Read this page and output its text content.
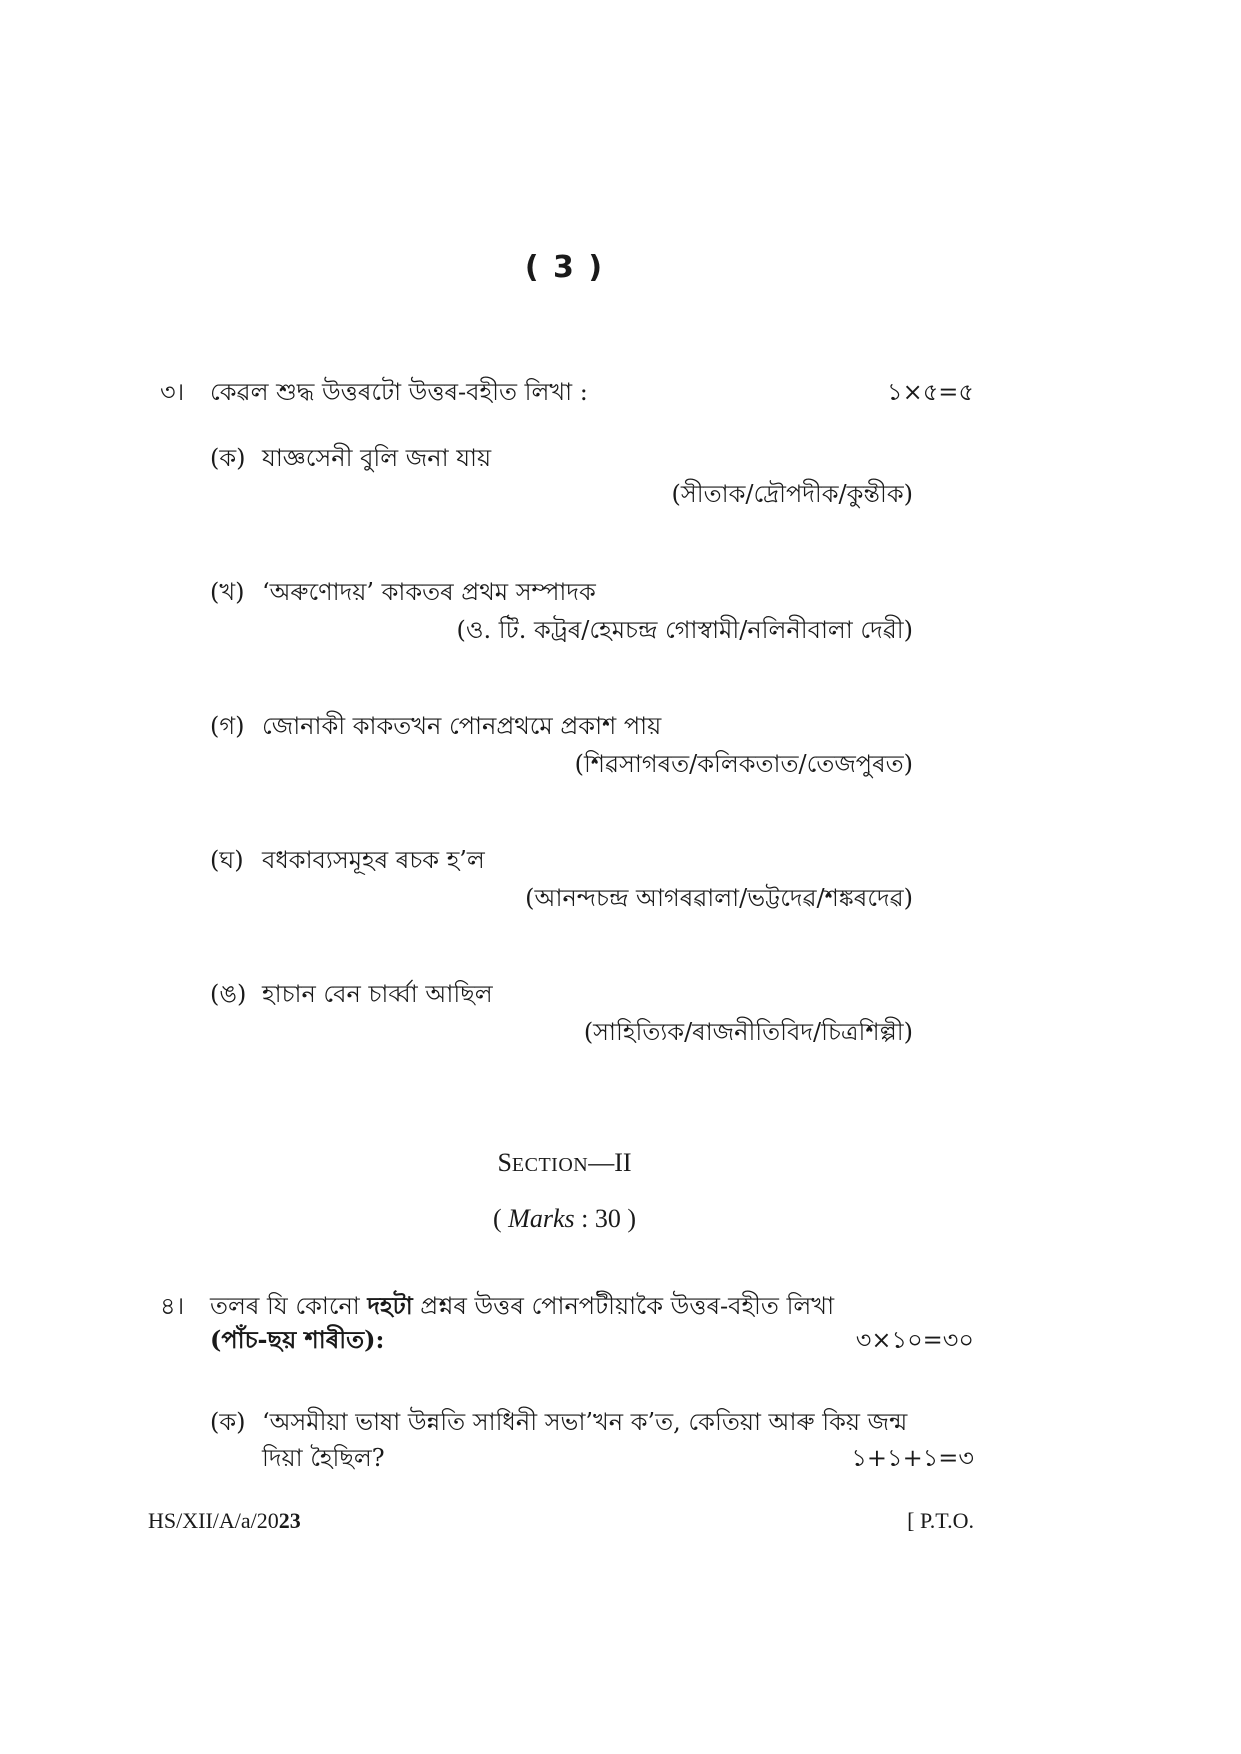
( 3 )
৩। কেৱল শুদ্ধ উত্তৰটো উত্তৰ-বহীত লিখা :	১×৫=৫
(ক) যাজ্ঞসেনী বুলি জনা যায়
(সীতাক/দ্ৰৌপদীক/কুন্তীক)
(খ) ‘অৰুণোদয়’ কাকতৰ প্ৰথম সম্পাদক
(ও. টি. কট্ৰৰ/হেমচন্দ্ৰ গোস্বামী/নলিনীবালা দেৱী)
(গ) জোনাকী কাকতখন পোনপ্ৰথমে প্ৰকাশ পায়
(শিৱসাগৰত/কলিকতাত/তেজপুৰত)
(ঘ) বধকাব্যসমূহৰ ৰচক হ’ল
(আনন্দচন্দ্ৰ আগৰৱালা/ভট্টদেৱ/শঙ্কৰদেৱ)
(ঙ) হাচান বেন চাৰ্ব্বা আছিল
(সাহিত্যিক/ৰাজনীতিবিদ/চিত্ৰশিল্পী)
SECTION—II
( Marks : 30 )
৪। তলৰ যি কোনো দহটা প্ৰশ্নৰ উত্তৰ পোনপটীয়াকৈ উত্তৰ-বহীত লিখা
(পাঁচ-ছয় শাৰীত):	৩×১০=৩০
(ক) ‘অসমীয়া ভাষা উন্নতি সাধিনী সভা’খন ক’ত, কেতিয়া আৰু কিয় জন্ম
দিয়া হৈছিল?	১+১+১=৩
HS/XII/A/a/2023	[ P.T.O.
